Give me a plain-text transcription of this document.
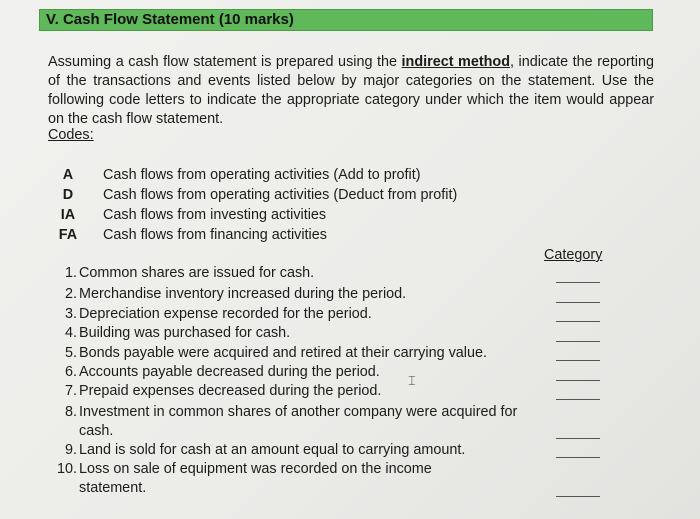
V. Cash Flow Statement (10 marks)
Assuming a cash flow statement is prepared using the indirect method, indicate the reporting of the transactions and events listed below by major categories on the statement. Use the following code letters to indicate the appropriate category under which the item would appear on the cash flow statement.
Codes:
A	Cash flows from operating activities (Add to profit)
D	Cash flows from operating activities (Deduct from profit)
IA	Cash flows from investing activities
FA	Cash flows from financing activities
Category
1. Common shares are issued for cash.
2. Merchandise inventory increased during the period.
3. Depreciation expense recorded for the period.
4. Building was purchased for cash.
5. Bonds payable were acquired and retired at their carrying value.
6. Accounts payable decreased during the period.
7. Prepaid expenses decreased during the period.
8. Investment in common shares of another company were acquired for
cash.
9. Land is sold for cash at an amount equal to carrying amount.
10. Loss on sale of equipment was recorded on the income
statement.
⌶
